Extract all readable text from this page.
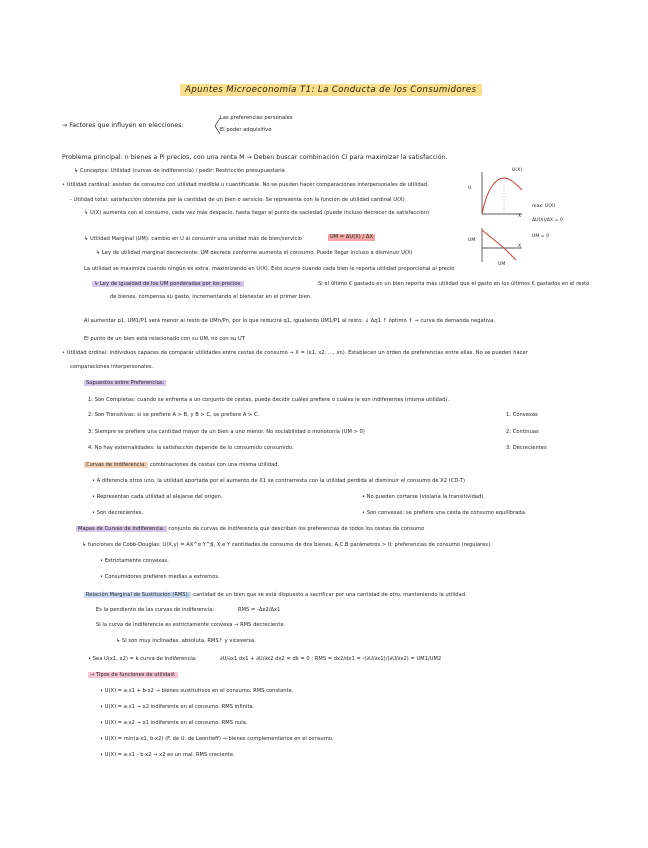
Apuntes Microeconomía T1: La Conducta de los Consumidores
→ Factores que influyen en elecciones:
Las preferencias personales
El poder adquisitivo
Problema principal: n bienes a Pi precios, con una renta M → Deben buscar combinación Ci para maximizar la satisfacción.
↳ Conceptos: Utilidad (curvas de indiferencia) / pedir: Restricción presupuestaria
• Utilidad cardinal: existen de consumo con utilidad medible u cuantificable. No se pueden hacer comparaciones interpersonales de utilidad.
- Utilidad total: satisfacción obtenida por la cantidad de un bien o servicio. Se representa con la función de utilidad cardinal U(X)
↳ U(X) aumenta con el consumo, cada vez más despacio, hasta llegar al punto de saciedad (puede incluso decrecer de satisfacción)
↳ Utilidad Marginal (UM): cambio en U al consumir una unidad más de bien/servicio	UM = ΔU(X) / ΔX
↳ Ley de utilidad marginal decreciente: UM decrece conforme aumenta el consumo. Puede llegar incluso a disminuir U(X)
La utilidad se maximiza cuando ningún es extra. maximizando en U(X). Esto ocurre cuando cada bien le reporta utilidad proporcional al precio
↳ Ley de igualdad de los UM ponderadas por los precios:	Si el último € gastado en un bien reporta más utilidad que el gasto en los últimos € gastados en el resto
de bienes, compensa su gasto, incrementando el bienestar en el primer bien.
Al aumentar p1, UM1/P1 será menor al resto de UMn/Pn, por lo que reducirá q1, igualando UM1/P1 al resto: ↓ Δq1 ↑ óptimo ↑ → curva de demanda negativa.
El punto de un bien está relacionado con su UM, no con su UT
U
U(X)
X
UM
UM
X
max: U(X)
ΔU(X)/ΔX = 0
UM = 0
• Utilidad ordinal: individuos capaces de comparar utilidades entre cestas de consumo → X = (x1, x2, ..., xn). Establecen un orden de preferencias entre ellas. No se pueden hacer
comparaciones interpersonales.
Supuestos sobre Preferencias:
1: Son Completas: cuando se enfrenta a un conjunto de cestas, puede decidir cuáles prefiere o cuáles le son indiferentes (misma utilidad).
2: Son Transitivas: si se prefiere A ≻ B, y B ≻ C, se prefiere A ≻ C.
3: Siempre se prefiere una cantidad mayor de un bien a uno menor. No sociabilidad o monotonía (UM > 0)
4: No hay externalidades: la satisfacción depende de lo consumido consumido.
1: Convexas
2: Continuas
3: Decrecientes
Curvas de indiferencia: combinaciones de cestas con una misma utilidad.
• A diferencia otros uno, la utilidad aportada por el aumento de X1 se contrarresta con la utilidad perdida al disminuir el consumo de X2 (CD-T)
• Representan cada utilidad al alejarse del origen.
• Son decrecientes.
• No pueden cortarse (violaría la transitividad).
• Son convexas: se prefiere una cesta de consumo equilibrada.
Mapas de Curvas de Indiferencia: conjunto de curvas de indiferencia que describen los preferencias de todos los cestas de consumo
↳ funciones de Cobb-Douglas: U(X,y) = AX^α Y^β, X e Y cantidades de consumo de dos bienes, A,C,B parámetros > 0; preferencias de consumo (regulares).
• Estrictamente convexas.
• Consumidores prefieren medias a extremos.
Relación Marginal de Sustitución (RMS): cantidad de un bien que se está dispuesto a sacrificar por una cantidad de otro, manteniendo la utilidad.
Es la pendiente de las curvas de indiferencia:	RMS = -Δx2/Δx1
Si la curva de indiferencia es estrictamente convexa → RMS decreciente.
↳ Si son muy inclinadas, absoluta, RMS↑ y viceversa.
• Sea U(x1, x2) = k curva de indiferencia:	∂U/∂x1 dx1 + ∂U/∂x2 dx2 = dk = 0 ; RMS = dx2/dx1 = -(∂U/∂x1)/(∂U/∂x2) = UM1/UM2
→ Tipos de funciones de utilidad:
• U(X) = a·x1 + b·x2 → bienes sustitutivos en el consumo. RMS constante.
• U(X) = a·x1 → x2 indiferente en el consumo. RMS infinita.
• U(X) = a·x2 → x1 indiferente en el consumo. RMS nula.
• U(X) = min(a·x1, b·x2) (F. de U. de Leontieff) → bienes complementarios en el consumo.
• U(X) = a·x1 - b·x2 → x2 es un mal. RMS creciente.
